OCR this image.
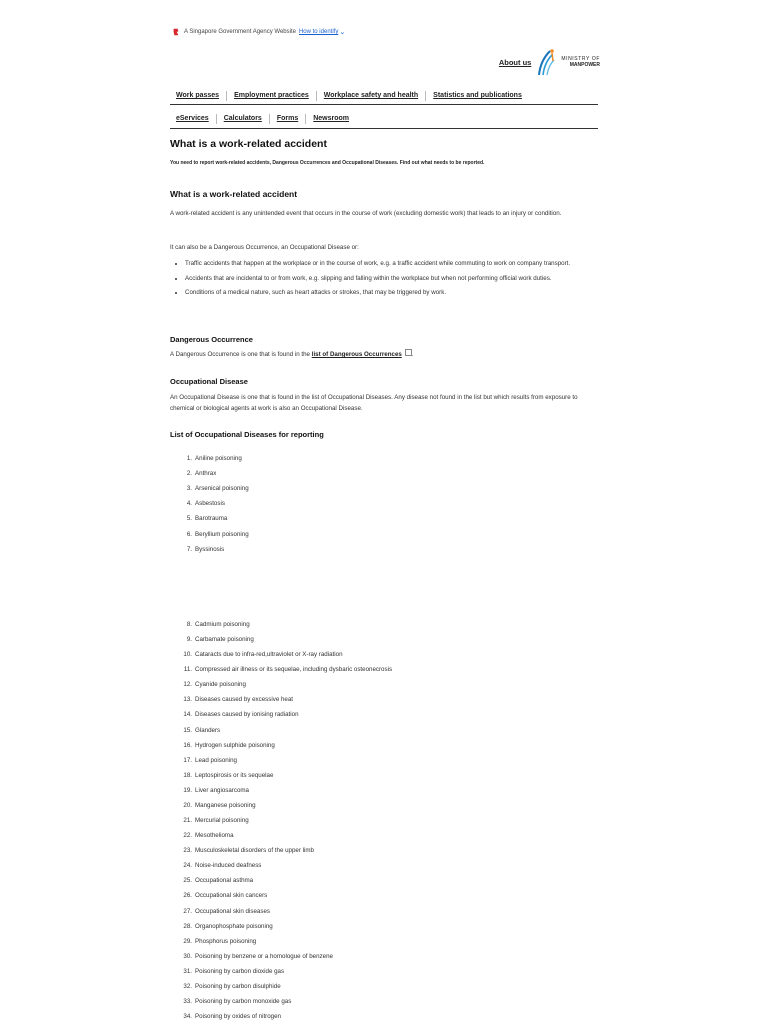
A Singapore Government Agency Website How to identify ⌄
About us	MINISTRY OF
MANPOWER
Work passes	Employment practices	Workplace safety and health	Statistics and publications
eServices	Calculators	Forms	Newsroom
What is a work-related accident
You need to report work-related accidents, Dangerous Occurrences and Occupational Diseases. Find out what needs to be reported.
What is a work-related accident

A work-related accident is any unintended event that occurs in the course of work (excluding domestic work) that leads to an injury or condition.

It can also be a Dangerous Occurrence, an Occupational Disease or:

• Traffic accidents that happen at the workplace or in the course of work, e.g. a traffic accident while commuting to work on company transport.
• Accidents that are incidental to or from work, e.g. slipping and falling within the workplace but when not performing official work duties.
• Conditions of a medical nature, such as heart attacks or strokes, that may be triggered by work.
Dangerous Occurrence

A Dangerous Occurrence is one that is found in the list of Dangerous Occurrences .

Occupational Disease

An Occupational Disease is one that is found in the list of Occupational Diseases. Any disease not found in the list but which results from exposure to chemical or biological agents at work is also an Occupational Disease.

List of Occupational Diseases for reporting
1. Aniline poisoning
2. Anthrax
3. Arsenical poisoning
4. Asbestosis
5. Barotrauma
6. Beryllium poisoning
7. Byssinosis
8. Cadmium poisoning
9. Carbamate poisoning
10. Cataracts due to infra-red,ultraviolet or X-ray radiation
11. Compressed air illness or its sequelae, including dysbaric osteonecrosis
12. Cyanide poisoning
13. Diseases caused by excessive heat
14. Diseases caused by ionising radiation
15. Glanders
16. Hydrogen sulphide poisoning
17. Lead poisoning
18. Leptospirosis or its sequelae
19. Liver angiosarcoma
20. Manganese poisoning
21. Mercurial poisoning
22. Mesothelioma
23. Musculoskeletal disorders of the upper limb
24. Noise-induced deafness
25. Occupational asthma
26. Occupational skin cancers
27. Occupational skin diseases
28. Organophosphate poisoning
29. Phosphorus poisoning
30. Poisoning by benzene or a homologue of benzene
31. Poisoning by carbon dioxide gas
32. Poisoning by carbon disulphide
33. Poisoning by carbon monoxide gas
34. Poisoning by oxides of nitrogen
